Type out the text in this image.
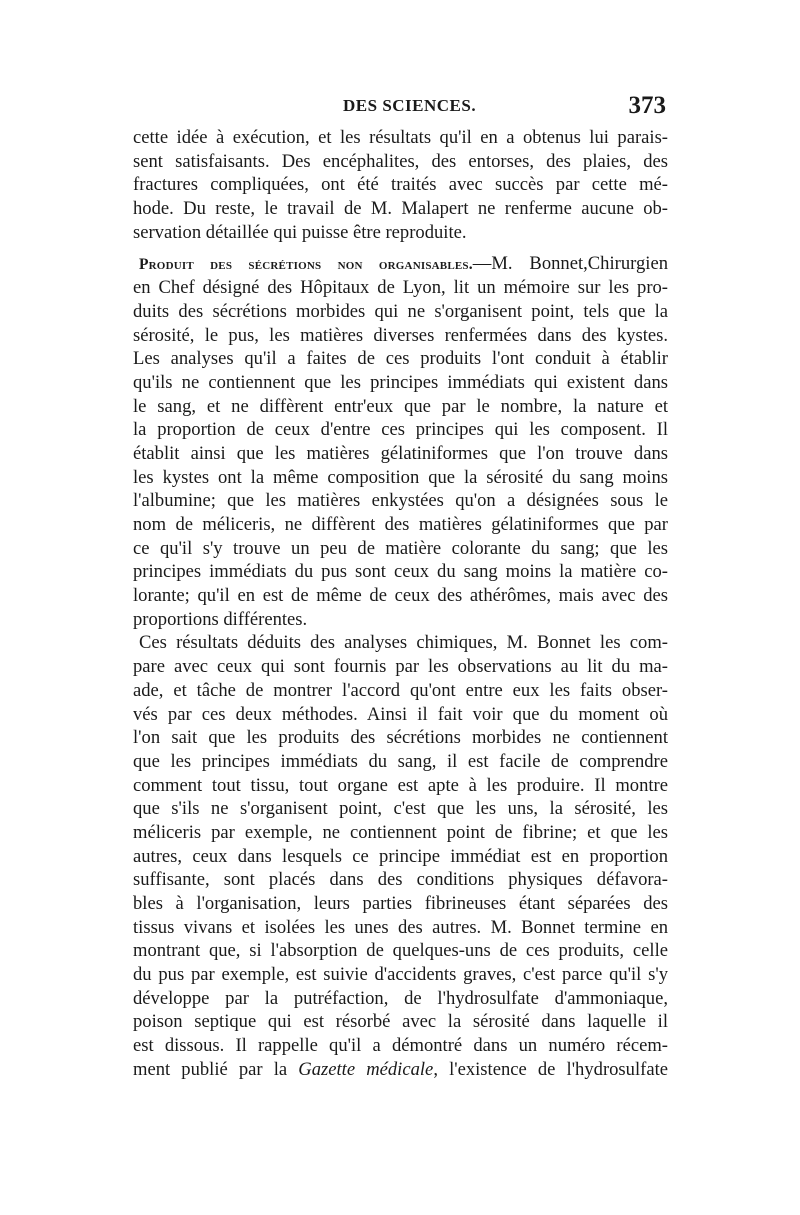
DES SCIENCES.	373
cette idée à exécution, et les résultats qu'il en a obtenus lui parais-
sent satisfaisants. Des encéphalites, des entorses, des plaies, des
fractures compliquées, ont été traités avec succès par cette mé-
hode. Du reste, le travail de M. Malapert ne renferme aucune ob-
servation détaillée qui puisse être reproduite.
Produit des sécrétions non organisables.—M. Bonnet,Chirurgien
en Chef désigné des Hôpitaux de Lyon, lit un mémoire sur les pro-
duits des sécrétions morbides qui ne s'organisent point, tels que la
sérosité, le pus, les matières diverses renfermées dans des kystes.
Les analyses qu'il a faites de ces produits l'ont conduit à établir
qu'ils ne contiennent que les principes immédiats qui existent dans
le sang, et ne diffèrent entr'eux que par le nombre, la nature et
la proportion de ceux d'entre ces principes qui les composent. Il
établit ainsi que les matières gélatiniformes que l'on trouve dans
les kystes ont la même composition que la sérosité du sang moins
l'albumine; que les matières enkystées qu'on a désignées sous le
nom de méliceris, ne diffèrent des matières gélatiniformes que par
ce qu'il s'y trouve un peu de matière colorante du sang; que les
principes immédiats du pus sont ceux du sang moins la matière co-
lorante; qu'il en est de même de ceux des athérômes, mais avec des
proportions différentes.
Ces résultats déduits des analyses chimiques, M. Bonnet les com-
pare avec ceux qui sont fournis par les observations au lit du ma-
ade, et tâche de montrer l'accord qu'ont entre eux les faits obser-
vés par ces deux méthodes. Ainsi il fait voir que du moment où
l'on sait que les produits des sécrétions morbides ne contiennent
que les principes immédiats du sang, il est facile de comprendre
comment tout tissu, tout organe est apte à les produire. Il montre
que s'ils ne s'organisent point, c'est que les uns, la sérosité, les
méliceris par exemple, ne contiennent point de fibrine; et que les
autres, ceux dans lesquels ce principe immédiat est en proportion
suffisante, sont placés dans des conditions physiques défavora-
bles à l'organisation, leurs parties fibrineuses étant séparées des
tissus vivans et isolées les unes des autres. M. Bonnet termine en
montrant que, si l'absorption de quelques-uns de ces produits, celle
du pus par exemple, est suivie d'accidents graves, c'est parce qu'il s'y
développe par la putréfaction, de l'hydrosulfate d'ammoniaque,
poison septique qui est résorbé avec la sérosité dans laquelle il
est dissous. Il rappelle qu'il a démontré dans un numéro récem-
ment publié par la Gazette médicale, l'existence de l'hydrosulfate
